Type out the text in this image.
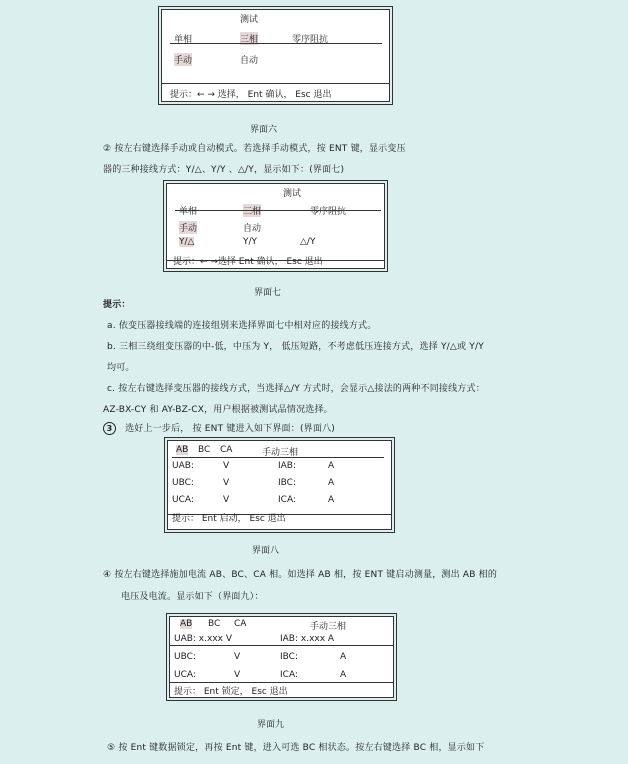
测试
单相	三相	零序阻抗
手动	自动
提示：← → 选择， Ent 确认， Esc 退出
界面六
② 按左右键选择手动或自动模式。若选择手动模式，按 ENT 键，显示变压
器的三种接线方式：Y/△、Y/Y 、△/Y，显示如下：(界面七)
测试
单相	三相	零序阻抗
手动	自动
Y/△	Y/Y	△/Y
提示：← →选择 Ent 确认， Esc 退出
界面七
提示：
a. 依变压器接线端的连接组别来选择界面七中相对应的接线方式。
b. 三相三绕组变压器的中-低，中压为 Y， 低压短路，不考虑低压连接方式，选择 Y/△或 Y/Y
均可。
c. 按左右键选择变压器的接线方式，当选择△/Y 方式时，会显示△接法的两种不同接线方式：
AZ-BX-CY 和 AY-BZ-CX，用户根据被测试品情况选择。
3 选好上一步后， 按 ENT 键进入如下界面：(界面八)
AB BC CA	手动三相
UAB:	V	IAB:	A
UBC:	V	IBC:	A
UCA:	V	ICA:	A
提示： Ent 启动， Esc 退出
界面八
④ 按左右键选择施加电流 AB、BC、CA 相。如选择 AB 相，按 ENT 键启动测量，测出 AB 相的
电压及电流。显示如下（界面九）：
AB BC CA	手动三相
UAB: x.xxx V	IAB: x.xxx A
UBC:	V	IBC:	A
UCA:	V	ICA:	A
提示： Ent 锁定， Esc 退出
界面九
⑤ 按 Ent 键数据锁定，再按 Ent 键，进入可选 BC 相状态。按左右键选择 BC 相，显示如下
